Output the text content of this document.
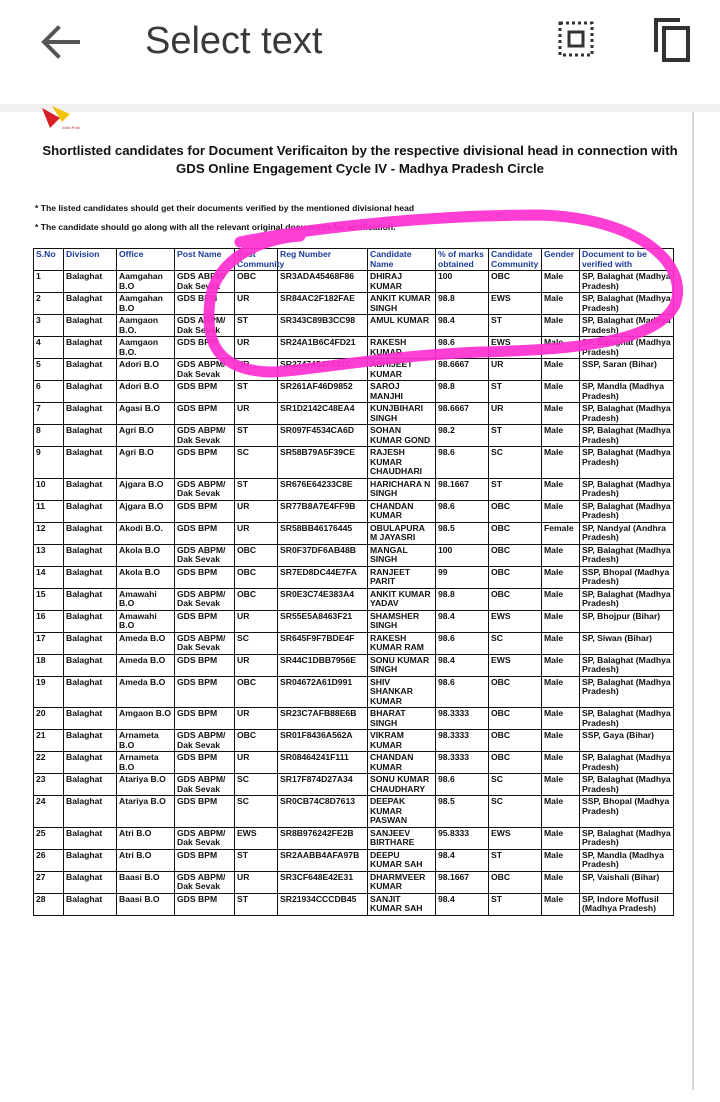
Select text
India Post
Shortlisted candidates for Document Verificaiton by the respective divisional head in connection with GDS Online Engagement Cycle IV - Madhya Pradesh Circle
* The listed candidates should get their documents verified by the mentioned divisional head
* The candidate should go along with all the relevant original documents for verification.
S.No	Division	Office	Post Name	Post Community	Reg Number	Candidate Name	% of marks obtained	Candidate Community	Gender	Document to be verified with
1	Balaghat	Aamgahan B.O	GDS ABPM/ Dak Sevak	OBC	SR3ADA45468F86	DHIRAJ KUMAR	100	OBC	Male	SP, Balaghat (Madhya Pradesh)
2	Balaghat	Aamgahan B.O	GDS BPM	UR	SR84AC2F182FAE	ANKIT KUMAR SINGH	98.8	EWS	Male	SP, Balaghat (Madhya Pradesh)
3	Balaghat	Aamgaon B.O.	GDS ABPM/ Dak Sevak	ST	SR343C89B3CC98	AMUL KUMAR	98.4	ST	Male	SP, Balaghat (Madhya Pradesh)
4	Balaghat	Aamgaon B.O.	GDS BPM	UR	SR24A1B6C4FD21	RAKESH KUMAR	98.6	EWS	Male	SP, Balaghat (Madhya Pradesh)
5	Balaghat	Adori B.O	GDS ABPM/ Dak Sevak	UR	SR27474547A51C	ABHIJEET KUMAR	98.6667	UR	Male	SSP, Saran (Bihar)
6	Balaghat	Adori B.O	GDS BPM	ST	SR261AF46D9852	SAROJ MANJHI	98.8	ST	Male	SP, Mandla (Madhya Pradesh)
7	Balaghat	Agasi B.O	GDS BPM	UR	SR1D2142C48EA4	KUNJBIHARI SINGH	98.6667	UR	Male	SP, Balaghat (Madhya Pradesh)
8	Balaghat	Agri B.O	GDS ABPM/ Dak Sevak	ST	SR097F4534CA6D	SOHAN KUMAR GOND	98.2	ST	Male	SP, Balaghat (Madhya Pradesh)
9	Balaghat	Agri B.O	GDS BPM	SC	SR58B79A5F39CE	RAJESH KUMAR CHAUDHARI	98.6	SC	Male	SP, Balaghat (Madhya Pradesh)
10	Balaghat	Ajgara B.O	GDS ABPM/ Dak Sevak	ST	SR676E64233C8E	HARICHARA N SINGH	98.1667	ST	Male	SP, Balaghat (Madhya Pradesh)
11	Balaghat	Ajgara B.O	GDS BPM	UR	SR77B8A7E4FF9B	CHANDAN KUMAR	98.6	OBC	Male	SP, Balaghat (Madhya Pradesh)
12	Balaghat	Akodi B.O.	GDS BPM	UR	SR58BB46176445	OBULAPURA M JAYASRI	98.5	OBC	Female	SP, Nandyal (Andhra Pradesh)
13	Balaghat	Akola B.O	GDS ABPM/ Dak Sevak	OBC	SR0F37DF6AB48B	MANGAL SINGH	100	OBC	Male	SP, Balaghat (Madhya Pradesh)
14	Balaghat	Akola B.O	GDS BPM	OBC	SR7ED8DC44E7FA	RANJEET PARIT	99	OBC	Male	SSP, Bhopal (Madhya Pradesh)
15	Balaghat	Amawahi B.O	GDS ABPM/ Dak Sevak	OBC	SR0E3C74E383A4	ANKIT KUMAR YADAV	98.8	OBC	Male	SP, Balaghat (Madhya Pradesh)
16	Balaghat	Amawahi B.O	GDS BPM	UR	SR55E5A8463F21	SHAMSHER SINGH	98.4	EWS	Male	SP, Bhojpur (Bihar)
17	Balaghat	Ameda B.O	GDS ABPM/ Dak Sevak	SC	SR645F9F7BDE4F	RAKESH KUMAR RAM	98.6	SC	Male	SP, Siwan (Bihar)
18	Balaghat	Ameda B.O	GDS BPM	UR	SR44C1DBB7956E	SONU KUMAR SINGH	98.4	EWS	Male	SP, Balaghat (Madhya Pradesh)
19	Balaghat	Ameda B.O	GDS BPM	OBC	SR04672A61D991	SHIV SHANKAR KUMAR	98.6	OBC	Male	SP, Balaghat (Madhya Pradesh)
20	Balaghat	Amgaon B.O	GDS BPM	UR	SR23C7AFB88E6B	BHARAT SINGH	98.3333	OBC	Male	SP, Balaghat (Madhya Pradesh)
21	Balaghat	Arnameta B.O	GDS ABPM/ Dak Sevak	OBC	SR01F8436A562A	VIKRAM KUMAR	98.3333	OBC	Male	SSP, Gaya (Bihar)
22	Balaghat	Arnameta B.O	GDS BPM	UR	SR08464241F111	CHANDAN KUMAR	98.3333	OBC	Male	SP, Balaghat (Madhya Pradesh)
23	Balaghat	Atariya B.O	GDS ABPM/ Dak Sevak	SC	SR17F874D27A34	SONU KUMAR CHAUDHARY	98.6	SC	Male	SP, Balaghat (Madhya Pradesh)
24	Balaghat	Atariya B.O	GDS BPM	SC	SR0CB74C8D7613	DEEPAK KUMAR PASWAN	98.5	SC	Male	SSP, Bhopal (Madhya Pradesh)
25	Balaghat	Atri B.O	GDS ABPM/ Dak Sevak	EWS	SR8B976242FE2B	SANJEEV BIRTHARE	95.8333	EWS	Male	SP, Balaghat (Madhya Pradesh)
26	Balaghat	Atri B.O	GDS BPM	ST	SR2AABB4AFA97B	DEEPU KUMAR SAH	98.4	ST	Male	SP, Mandla (Madhya Pradesh)
27	Balaghat	Baasi B.O	GDS ABPM/ Dak Sevak	UR	SR3CF648E42E31	DHARMVEER KUMAR	98.1667	OBC	Male	SP, Vaishali (Bihar)
28	Balaghat	Baasi B.O	GDS BPM	ST	SR21934CCCDB45	SANJIT KUMAR SAH	98.4	ST	Male	SP, Indore Moffusil (Madhya Pradesh)
